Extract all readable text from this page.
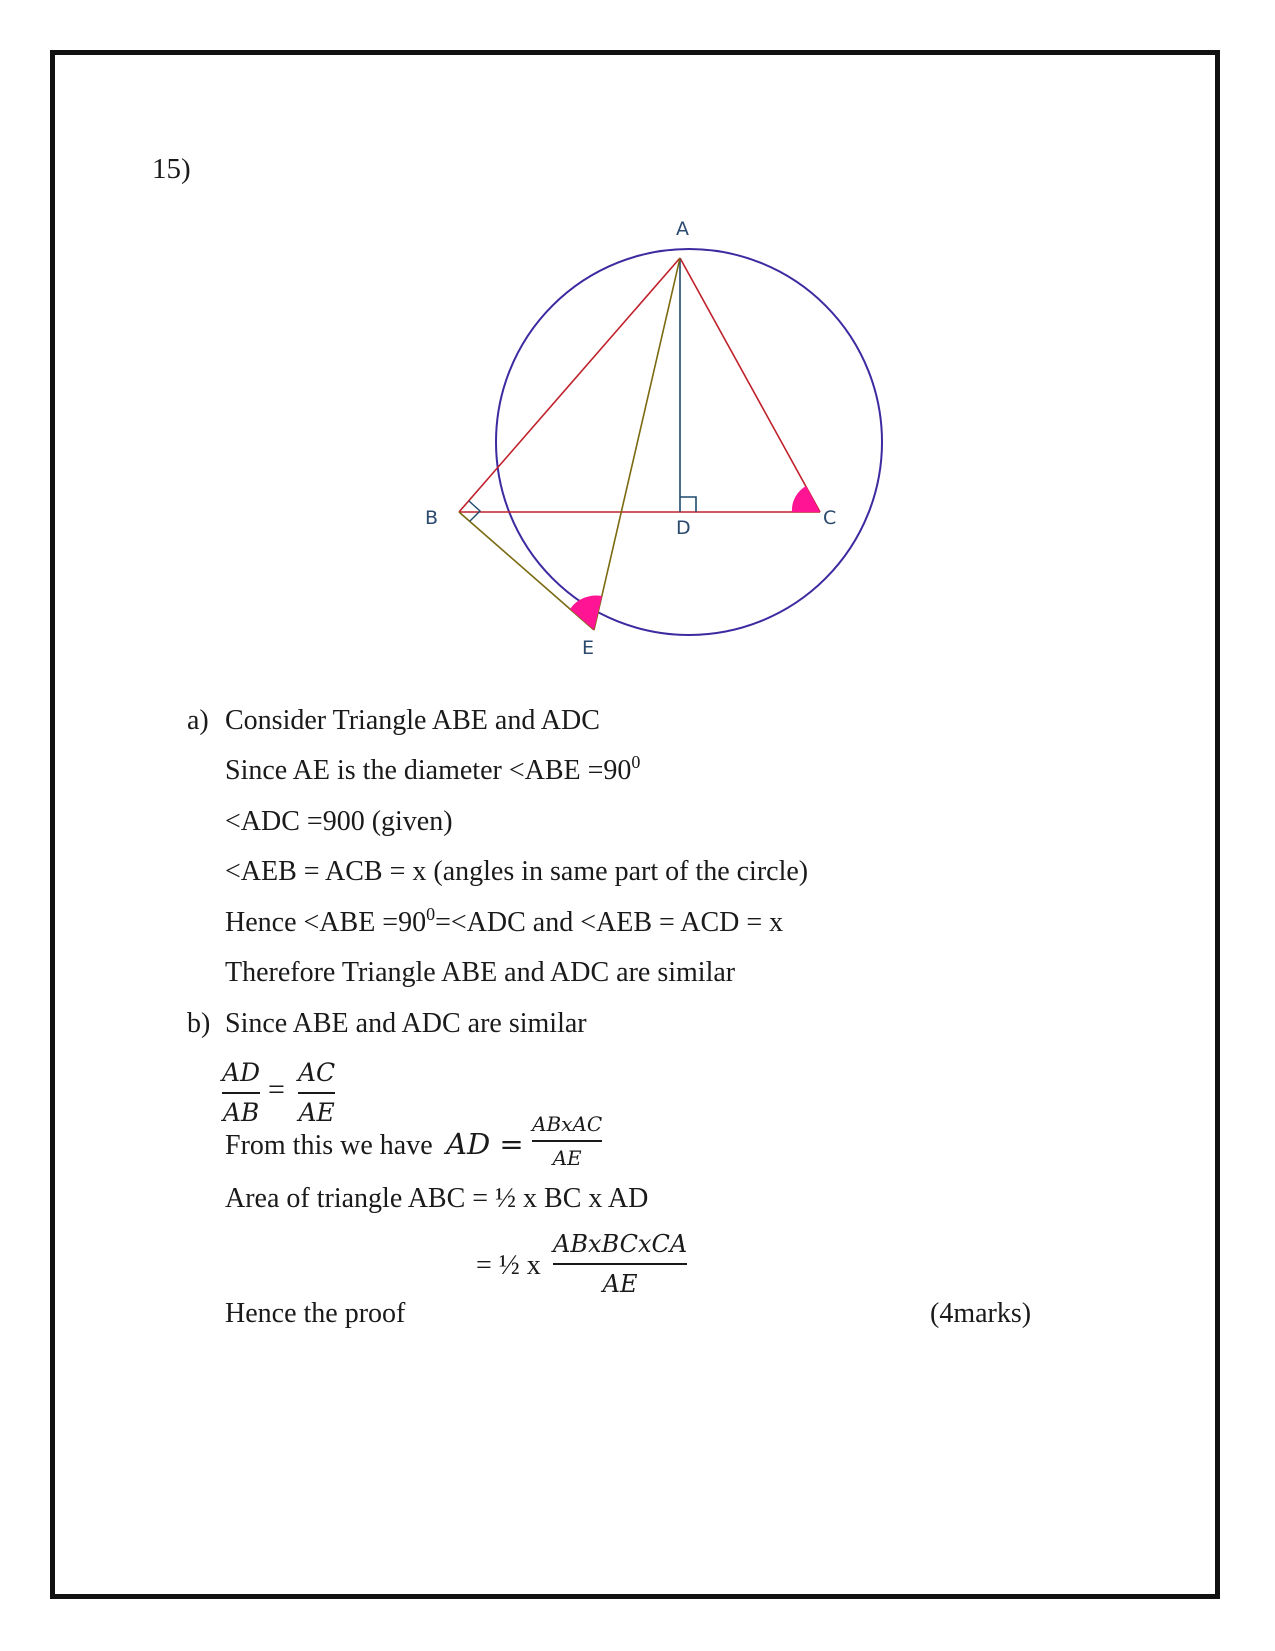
15)
A
B	C
D
E
a) Consider Triangle ABE and ADC
Since AE is the diameter $<ABE =90^0$
<ADC =900 (given)
<AEB = ACB = x (angles in same part of the circle)
Hence $<ABE =90^0=<ADC$ and <AEB = ACD = x
Therefore Triangle ABE and ADC are similar
b) Since ABE and ADC are similar
$\frac{AD}{AB} = \frac{AC}{AE}$
From this we have AD =
ABxAC
AE
Area of triangle ABC = ½ x BC x AD
= ½ x
ABxBCxCA
AE
Hence the proof	(4marks)
